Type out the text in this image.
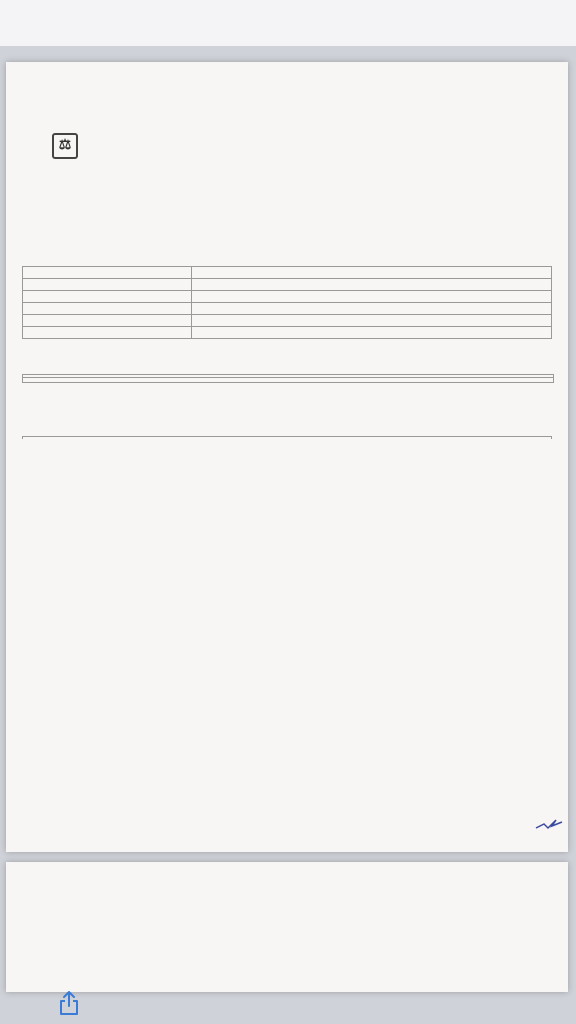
⚖
